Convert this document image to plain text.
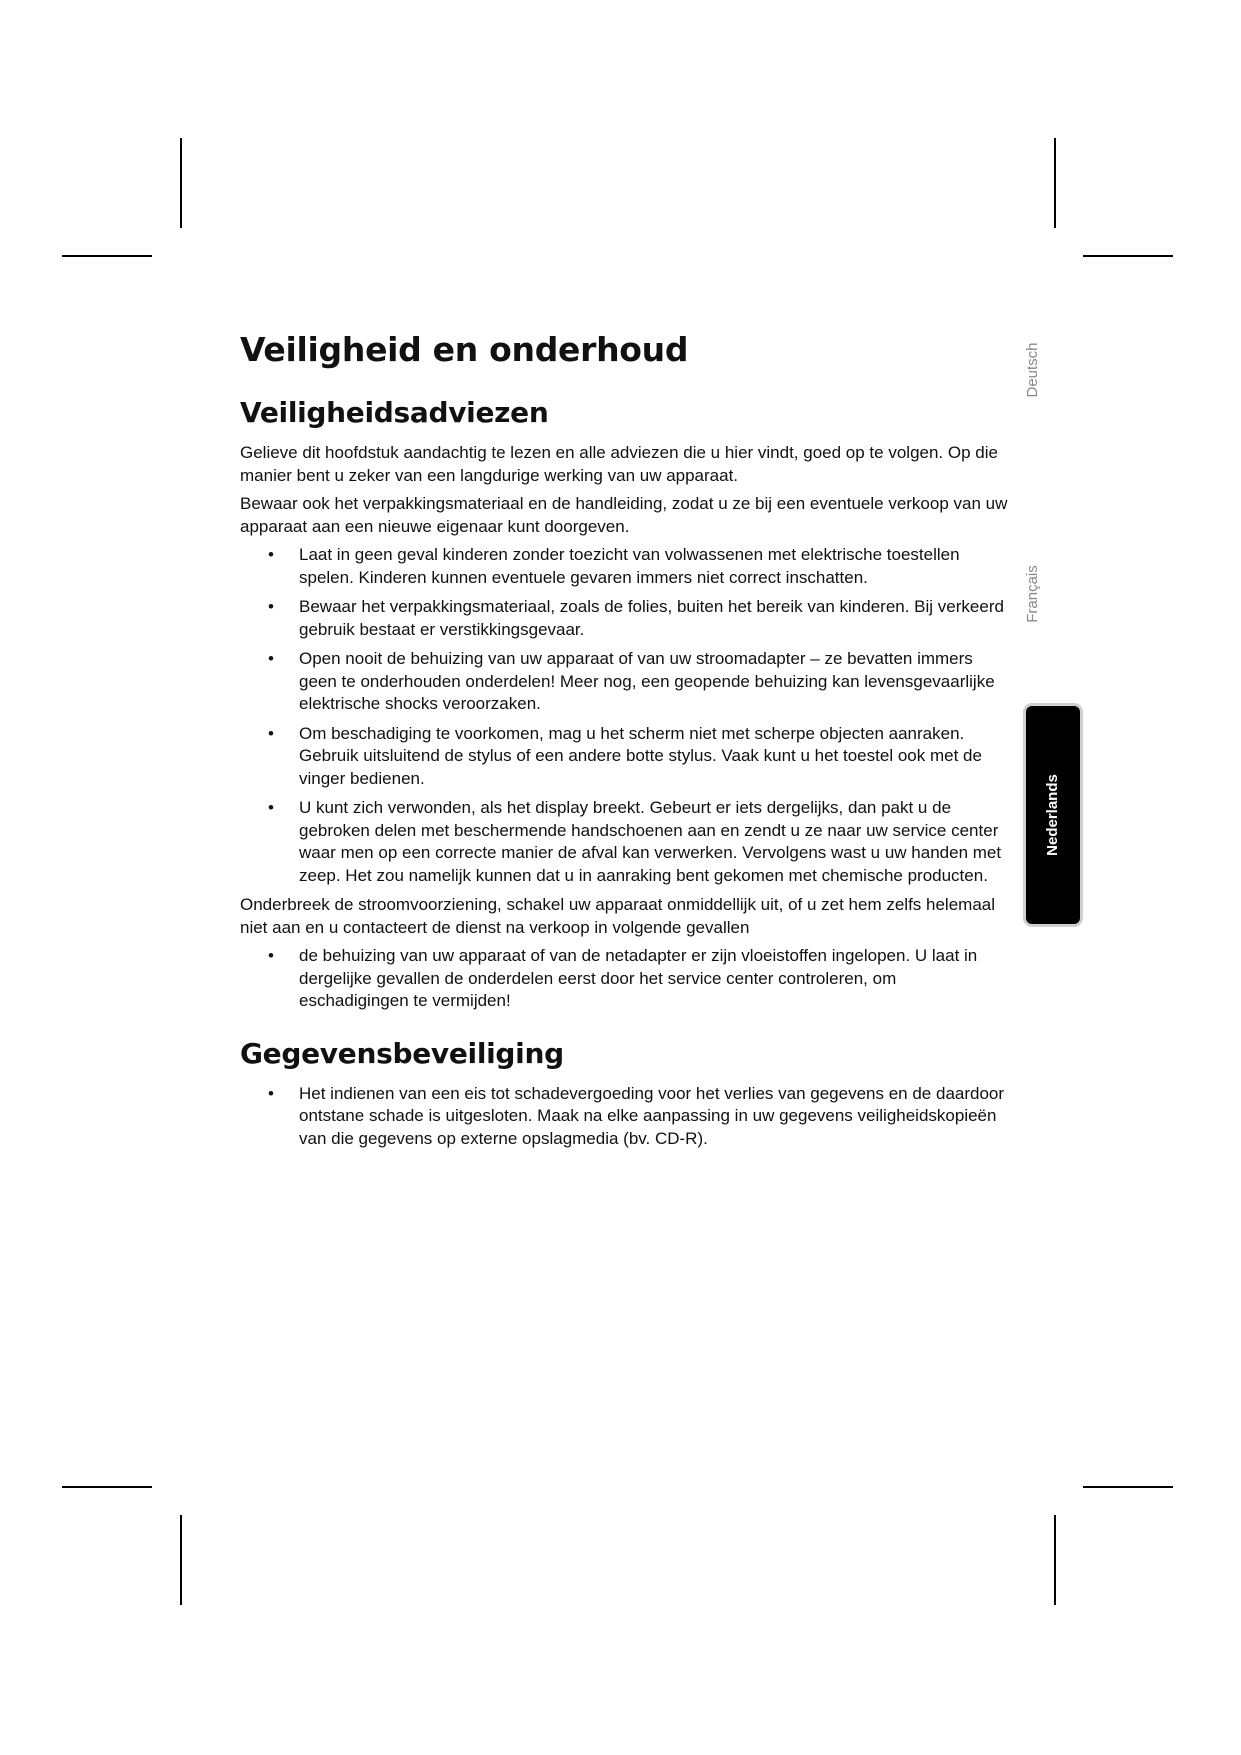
Deutsch
Français
Nederlands
Veiligheid en onderhoud
Veiligheidsadviezen

Gelieve dit hoofdstuk aandachtig te lezen en alle adviezen die u hier vindt, goed op te volgen. Op die manier bent u zeker van een langdurige werking van uw apparaat.

Bewaar ook het verpakkingsmateriaal en de handleiding, zodat u ze bij een eventuele verkoop van uw apparaat aan een nieuwe eigenaar kunt doorgeven.

• Laat in geen geval kinderen zonder toezicht van volwassenen met elektrische toestellen spelen. Kinderen kunnen eventuele gevaren immers niet correct inschatten.
• Bewaar het verpakkingsmateriaal, zoals de folies, buiten het bereik van kinderen. Bij verkeerd gebruik bestaat er verstikkingsgevaar.
• Open nooit de behuizing van uw apparaat of van uw stroomadapter – ze bevatten immers geen te onderhouden onderdelen! Meer nog, een geopende behuizing kan levensgevaarlijke elektrische shocks veroorzaken.
• Om beschadiging te voorkomen, mag u het scherm niet met scherpe objecten aanraken. Gebruik uitsluitend de stylus of een andere botte stylus. Vaak kunt u het toestel ook met de vinger bedienen.
• U kunt zich verwonden, als het display breekt. Gebeurt er iets dergelijks, dan pakt u de gebroken delen met beschermende handschoenen aan en zendt u ze naar uw service center waar men op een correcte manier de afval kan verwerken. Vervolgens wast u uw handen met zeep. Het zou namelijk kunnen dat u in aanraking bent gekomen met chemische producten.

Onderbreek de stroomvoorziening, schakel uw apparaat onmiddellijk uit, of u zet hem zelfs helemaal niet aan en u contacteert de dienst na verkoop in volgende gevallen

• de behuizing van uw apparaat of van de netadapter er zijn vloeistoffen ingelopen. U laat in dergelijke gevallen de onderdelen eerst door het service center controleren, om eschadigingen te vermijden!
Gegevensbeveiliging
• Het indienen van een eis tot schadevergoeding voor het verlies van gegevens en de daardoor ontstane schade is uitgesloten. Maak na elke aanpassing in uw gegevens veiligheidskopieën van die gegevens op externe opslagmedia (bv. CD-R).
